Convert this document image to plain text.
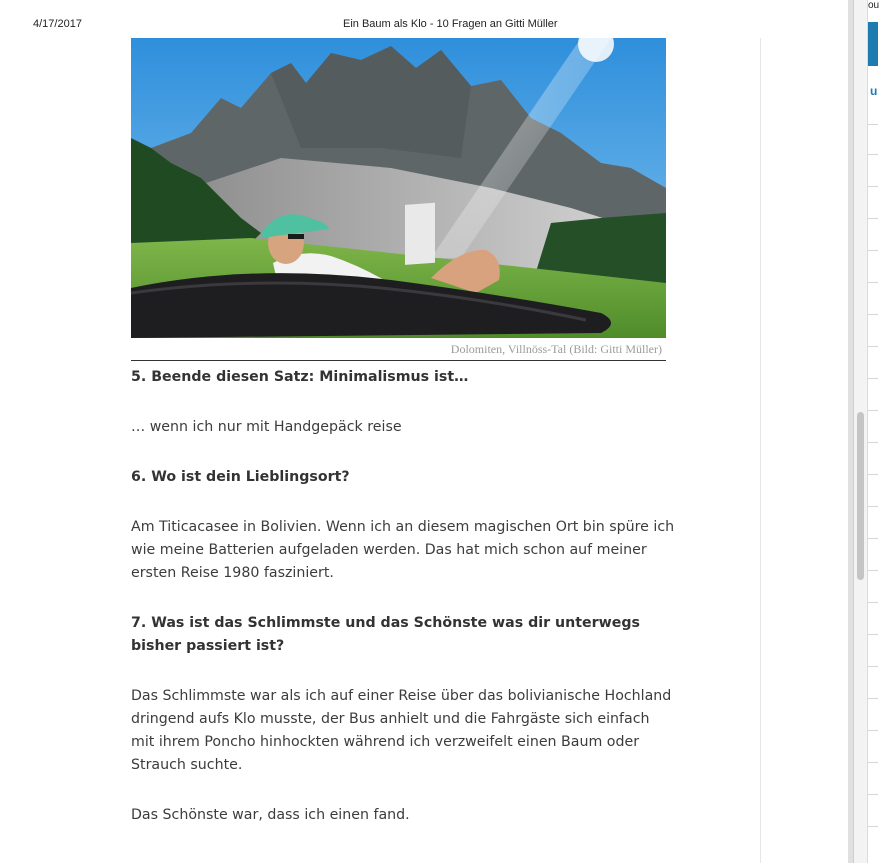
4/17/2017	Ein Baum als Klo - 10 Fragen an Gitti Müller
Dolomiten, Villnöss-Tal (Bild: Gitti Müller)
5. Beende diesen Satz: Minimalismus ist…

… wenn ich nur mit Handgepäck reise

6. Wo ist dein Lieblingsort?

Am Titicacasee in Bolivien. Wenn ich an diesem magischen Ort bin spüre ich wie meine Batterien aufgeladen werden. Das hat mich schon auf meiner ersten Reise 1980 fasziniert.

7. Was ist das Schlimmste und das Schönste was dir unterwegs bisher passiert ist?

Das Schlimmste war als ich auf einer Reise über das bolivianische Hochland dringend aufs Klo musste, der Bus anhielt und die Fahrgäste sich einfach mit ihrem Poncho hinhockten während ich verzweifelt einen Baum oder Strauch suchte.

Das Schönste war, dass ich einen fand.

ou
u
